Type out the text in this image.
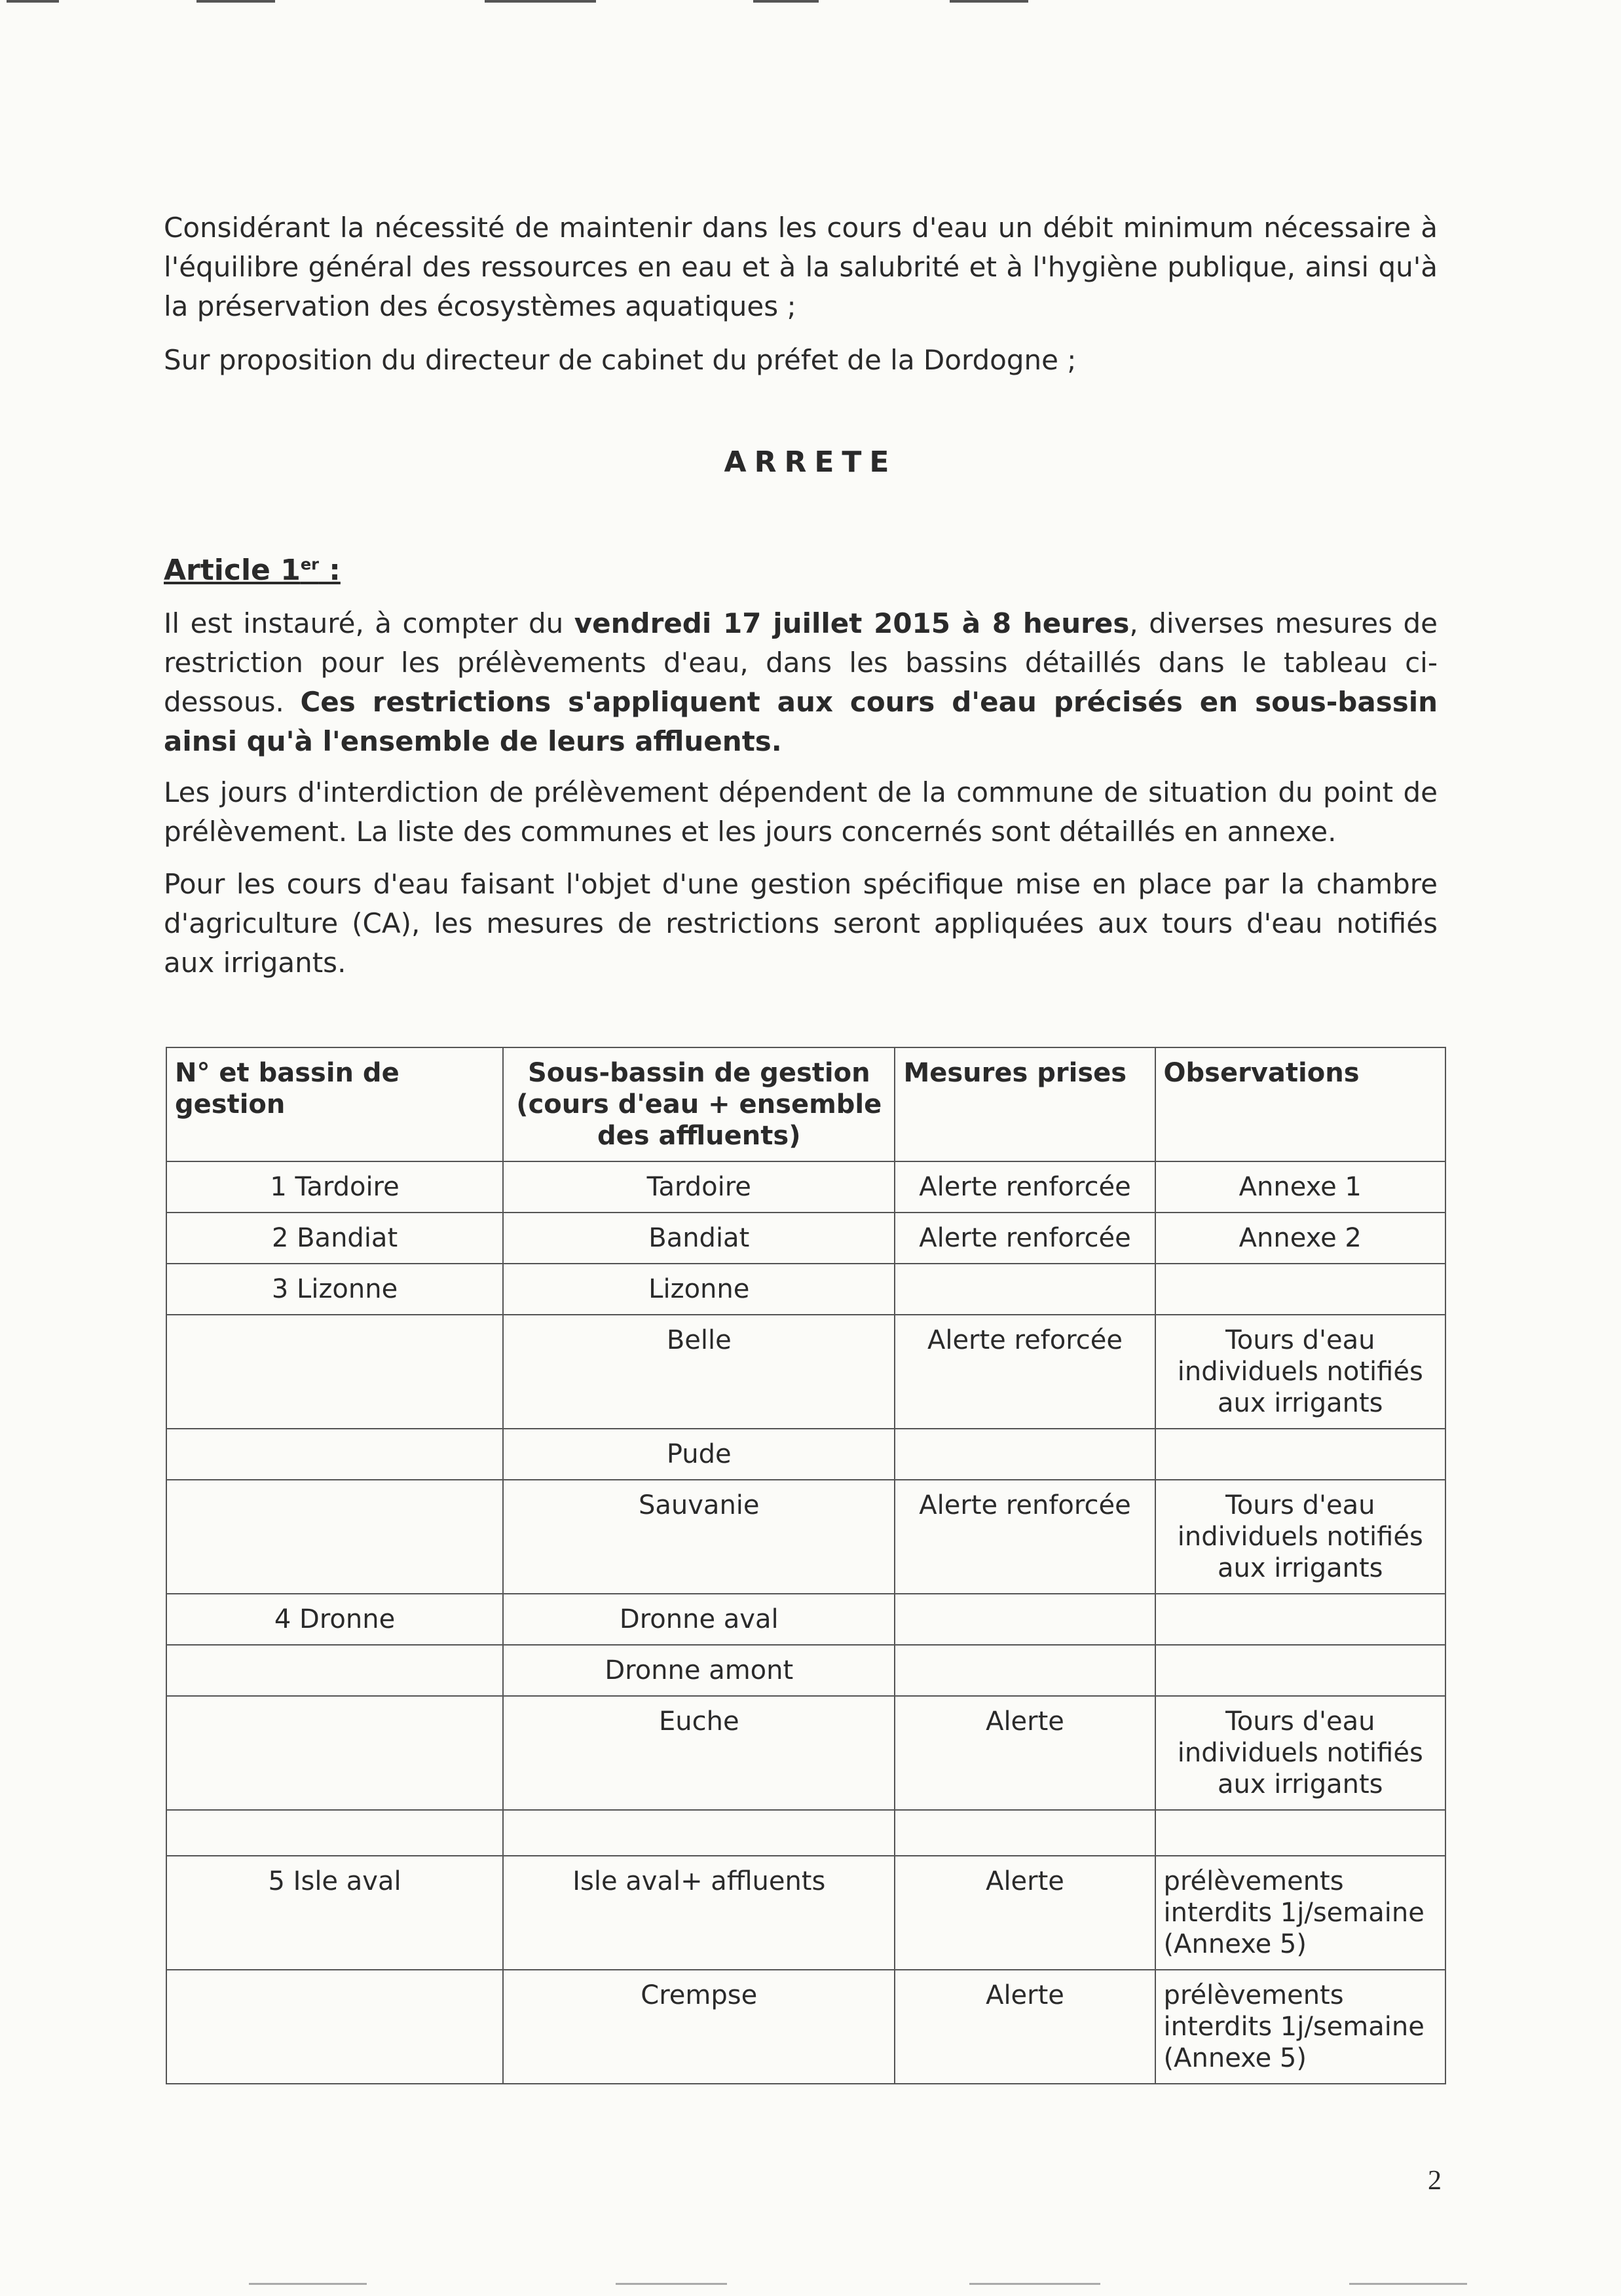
Considérant la nécessité de maintenir dans les cours d'eau un débit minimum nécessaire à l'équilibre général des ressources en eau et à la salubrité et à l'hygiène publique, ainsi qu'à la préservation des écosystèmes aquatiques ;

Sur proposition du directeur de cabinet du préfet de la Dordogne ;

ARRETE
Article 1er :

Il est instauré, à compter du vendredi 17 juillet 2015 à 8 heures, diverses mesures de restriction pour les prélèvements d'eau, dans les bassins détaillés dans le tableau ci-dessous. Ces restrictions s'appliquent aux cours d'eau précisés en sous-bassin ainsi qu'à l'ensemble de leurs affluents.

Les jours d'interdiction de prélèvement dépendent de la commune de situation du point de prélèvement. La liste des communes et les jours concernés sont détaillés en annexe.

Pour les cours d'eau faisant l'objet d'une gestion spécifique mise en place par la chambre d'agriculture (CA), les mesures de restrictions seront appliquées aux tours d'eau notifiés aux irrigants.

N° et bassin de gestion	Sous-bassin de gestion (cours d'eau + ensemble des affluents)	Mesures prises	Observations
1 Tardoire	Tardoire	Alerte renforcée	Annexe 1
2 Bandiat	Bandiat	Alerte renforcée	Annexe 2
3 Lizonne	Lizonne		
	Belle	Alerte reforcée	Tours d'eau individuels notifiés aux irrigants
	Pude		
	Sauvanie	Alerte renforcée	Tours d'eau individuels notifiés aux irrigants
4 Dronne	Dronne aval		
	Dronne amont		
	Euche	Alerte	Tours d'eau individuels notifiés aux irrigants

5 Isle aval	Isle aval+ affluents	Alerte	prélèvements interdits 1j/semaine (Annexe 5)
	Crempse	Alerte	prélèvements interdits 1j/semaine (Annexe 5)
2
